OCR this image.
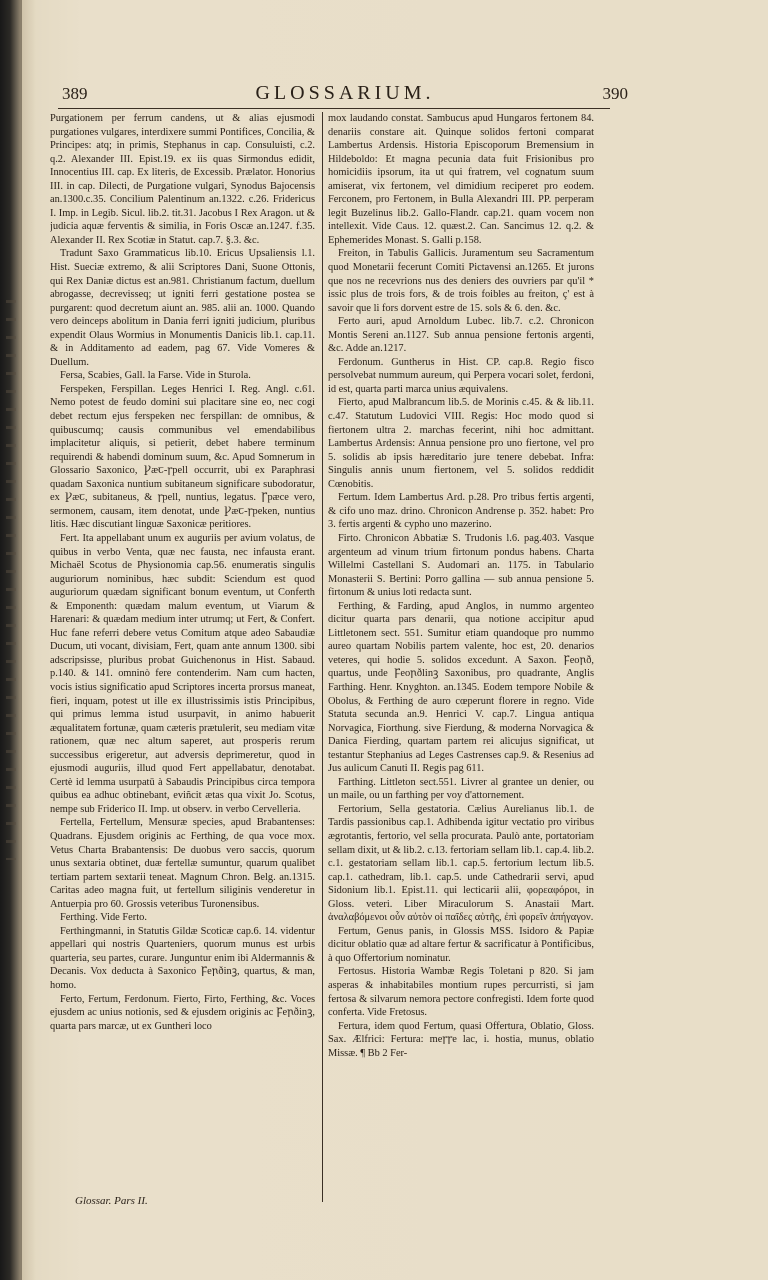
389	GLOSSARIUM.	390

Purgationem per ferrum candens, ut & alias ejusmodi purgationes vulgares, interdixere summi Pontifices, Concilia, & Principes: atq; in primis, Stephanus in cap. Consuluisti, c.2. q.2. Alexander III. Epist.19. ex iis quas Sirmondus edidit, Innocentius III. cap. Ex literis, de Excessib. Prælator. Honorius III. in cap. Dilecti, de Purgatione vulgari, Synodus Bajocensis an.1300.c.35. Concilium Palentinum an.1322. c.26. Fridericus I. Imp. in Legib. Sicul. lib.2. tit.31. Jacobus I Rex Aragon. ut & judicia aquæ ferventis & similia, in Foris Oscæ an.1247. f.35. Alexander II. Rex Scotiæ in Statut. cap.7. §.3. &c.

Tradunt Saxo Grammaticus lib.10. Ericus Upsaliensis l.1. Hist. Sueciæ extremo, & alii Scriptores Dani, Suone Ottonis, qui Rex Daniæ dictus est an.981. Christianum factum, duellum abrogasse, decrevisseq; ut igniti ferri gestatione postea se purgarent: quod decretum aiunt an. 985. alii an. 1000. Quando vero deinceps abolitum in Dania ferri igniti judicium, pluribus expendit Olaus Wormius in Monumentis Danicis lib.1. cap.11. & in Additamento ad eadem, pag 67. Vide Vomeres & Duellum.

Fersa, Scabies, Gall. la Farse. Vide in Sturola.

Ferspeken, Ferspillan. Leges Henrici I. Reg. Angl. c.61. Nemo potest de feudo domini sui placitare sine eo, nec cogi debet rectum ejus ferspeken nec ferspillan: de omnibus, & quibuscumq; causis communibus vel emendabilibus implacitetur aliquis, si petierit, debet habere terminum requirendi & habendi dominum suum, &c. Apud Somnerum in Glossario Saxonico, Ꝩæꞇ-ꞅpell occurrit, ubi ex Paraphrasi quadam Saxonica nuntium subitaneum significare subodoratur, ex Ꝩæꞇ, subitaneus, & ꞅpell, nuntius, legatus. Ꞅpæce vero, sermonem, causam, item denotat, unde Ꝩæꞇ-ꞅpeken, nuntius litis. Hæc discutiant linguæ Saxonicæ peritiores.

Fert. Ita appellabant unum ex auguriis per avium volatus, de quibus in verbo Venta, quæ nec fausta, nec infausta erant. Michaël Scotus de Physionomia cap.56. enumeratis singulis auguriorum nominibus, hæc subdit: Sciendum est quod auguriorum quædam significant bonum eventum, ut Conferth & Emponenth: quædam malum eventum, ut Viarum & Harenari: & quædam medium inter utrumq; ut Fert, & Confert. Huc fane referri debere vetus Comitum atque adeo Sabaudiæ Ducum, uti vocant, divisiam, Fert, quam ante annum 1300. sibi adscripsisse, pluribus probat Guichenonus in Hist. Sabaud. p.140. & 141. omninò fere contenderim. Nam cum hacten, vocis istius significatio apud Scriptores incerta prorsus maneat, fieri, inquam, potest ut ille ex illustrissimis istis Principibus, qui primus lemma istud usurpavit, in animo habuerit æqualitatem fortunæ, quam cæteris prætulerit, seu mediam vitæ rationem, quæ nec altum saperet, aut prosperis rerum successibus erigeretur, aut adversis deprimeretur, quod in ejusmodi auguriis, illud quod Fert appellabatur, denotabat. Certè id lemma usurpatū à Sabaudis Principibus circa tempora quibus ea adhuc obtinebant, eviñcit ætas qua vixit Jo. Scotus, nempe sub Friderico II. Imp. ut observ. in verbo Cervelleria.

Fertella, Fertellum, Mensuræ species, apud Brabantenses: Quadrans. Ejusdem originis ac Ferthing, de qua voce mox. Vetus Charta Brabantensis: De duobus vero saccis, quorum unus sextaria obtinet, duæ fertellæ sumuntur, quarum qualibet tertiam partem sextarii teneat. Magnum Chron. Belg. an.1315. Caritas adeo magna fuit, ut fertellum siliginis venderetur in Antuerpia pro 60. Grossis veteribus Turonensibus.

Ferthing. Vide Ferto.

Ferthingmanni, in Statutis Gildæ Scoticæ cap.6. 14. videntur appellari qui nostris Quarteniers, quorum munus est urbis quarteria, seu partes, curare. Junguntur enim ibi Aldermannis & Decanis. Vox deducta à Saxonico Ꝼeꞃðinꝫ, quartus, & man, homo.

Ferto, Fertum, Ferdonum. Fierto, Firto, Ferthing, &c. Voces ejusdem ac unius notionis, sed & ejusdem originis ac Ꝼeꞃðinꝫ, quarta pars marcæ, ut ex Guntheri loco

mox laudando constat. Sambucus apud Hungaros fertonem 84. denariis constare ait. Quinque solidos fertoni comparat Lambertus Ardensis. Historia Episcoporum Bremensium in Hildeboldo: Et magna pecunia data fuit Frisionibus pro homicidiis ipsorum, ita ut qui fratrem, vel cognatum suum amiserat, vix fertonem, vel dimidium reciperet pro eodem. Ferconem, pro Fertonem, in Bulla Alexandri III. PP. perperam legit Buzelinus lib.2. Gallo-Flandr. cap.21. quam vocem non intellexit. Vide Caus. 12. quæst.2. Can. Sancimus 12. q.2. & Ephemerides Monast. S. Galli p.158.

Freiton, in Tabulis Gallicis. Juramentum seu Sacramentum quod Monetarii fecerunt Comiti Pictavensi an.1265. Et jurons que nos ne recevrions nus des deniers des ouvriers par qu'il * issic plus de trois fors, & de trois foibles au freiton, ç' est à savoir que li fors dorvent estre de 15. sols & 6. den. &c.

Ferto auri, apud Arnoldum Lubec. lib.7. c.2. Chronicon Montis Sereni an.1127. Sub annua pensione fertonis argenti, &c. Adde an.1217.

Ferdonum. Guntherus in Hist. CP. cap.8. Regio fisco persolvebat nummum aureum, qui Perpera vocari solet, ferdoni, id est, quarta parti marca unius æquivalens.

Fierto, apud Malbrancum lib.5. de Morinis c.45. & & lib.11. c.47. Statutum Ludovici VIII. Regis: Hoc modo quod si fiertonem ultra 2. marchas fecerint, nihi hoc admittant. Lambertus Ardensis: Annua pensione pro uno fiertone, vel pro 5. solidis ab ipsis hæreditario jure tenere debebat. Infra: Singulis annis unum fiertonem, vel 5. solidos reddidit Cœnobitis.

Fertum. Idem Lambertus Ard. p.28. Pro tribus fertis argenti, & cifo uno maz. drino. Chronicon Andrense p. 352. habet: Pro 3. fertis argenti & cypho uno mazerino.

Firto. Chronicon Abbatiæ S. Trudonis l.6. pag.403. Vasque argenteum ad vinum trium firtonum pondus habens. Charta Willelmi Castellani S. Audomari an. 1175. in Tabulario Monasterii S. Bertini: Porro gallina — sub annua pensione 5. firtonum & unius loti redacta sunt.

Ferthing, & Farding, apud Anglos, in nummo argenteo dicitur quarta pars denarii, qua notione accipitur apud Littletonem sect. 551. Sumitur etiam quandoque pro nummo aureo quartam Nobilis partem valente, hoc est, 20. denarios veteres, qui hodie 5. solidos excedunt. A Saxon. Ꝼeoꞃð, quartus, unde Ꝼeoꞃðlinꝫ Saxonibus, pro quadrante, Anglis Farthing. Henr. Knyghton. an.1345. Eodem tempore Nobile & Obolus, & Ferthing de auro cœperunt florere in regno. Vide Statuta secunda an.9. Henrici V. cap.7. Lingua antiqua Norvagica, Fiorthung. sive Fierdung, & moderna Norvagica & Danica Fierding, quartam partem rei alicujus significat, ut testantur Stephanius ad Leges Castrenses cap.9. & Resenius ad Jus aulicum Canuti II. Regis pag 611.

Farthing. Littleton sect.551. Livrer al grantee un denier, ou un maile, ou un farthing per voy d'attornement.

Fertorium, Sella gestatoria. Cælius Aurelianus lib.1. de Tardis passionibus cap.1. Adhibenda igitur vectatio pro viribus ægrotantis, fertorio, vel sella procurata. Paulò ante, portatoriam sellam dixit, ut & lib.2. c.13. fertoriam sellam lib.1. cap.4. lib.2. c.1. gestatoriam sellam lib.1. cap.5. fertorium lectum lib.5. cap.1. cathedram, lib.1. cap.5. unde Cathedrarii servi, apud Sidonium lib.1. Epist.11. qui lecticarii alii, φορεαφόροι, in Gloss. veteri. Liber Miraculorum S. Anastaii Mart. ἀναλαβόμενοι οὖν αὐτὸν οἱ παῖδες αὐτῆς, ἐπὶ φορεῖν ἀπήγαγον.

Fertum, Genus panis, in Glossis MSS. Isidoro & Papiæ dicitur oblatio quæ ad altare fertur & sacrificatur à Pontificibus, à quo Offertorium nominatur.

Fertosus. Historia Wambæ Regis Toletani p 820. Si jam asperas & inhabitabiles montium rupes percurristi, si jam fertosa & silvarum nemora pectore confregisti. Idem forte quod conferta. Vide Fretosus.

Fertura, idem quod Fertum, quasi Offertura, Oblatio, Gloss. Sax. Ælfrici: Fertura: meꞅꞅe lac, i. hostia, munus, oblatio Missæ. ¶ Bb 2 Fer-

Glossar. Pars II.
